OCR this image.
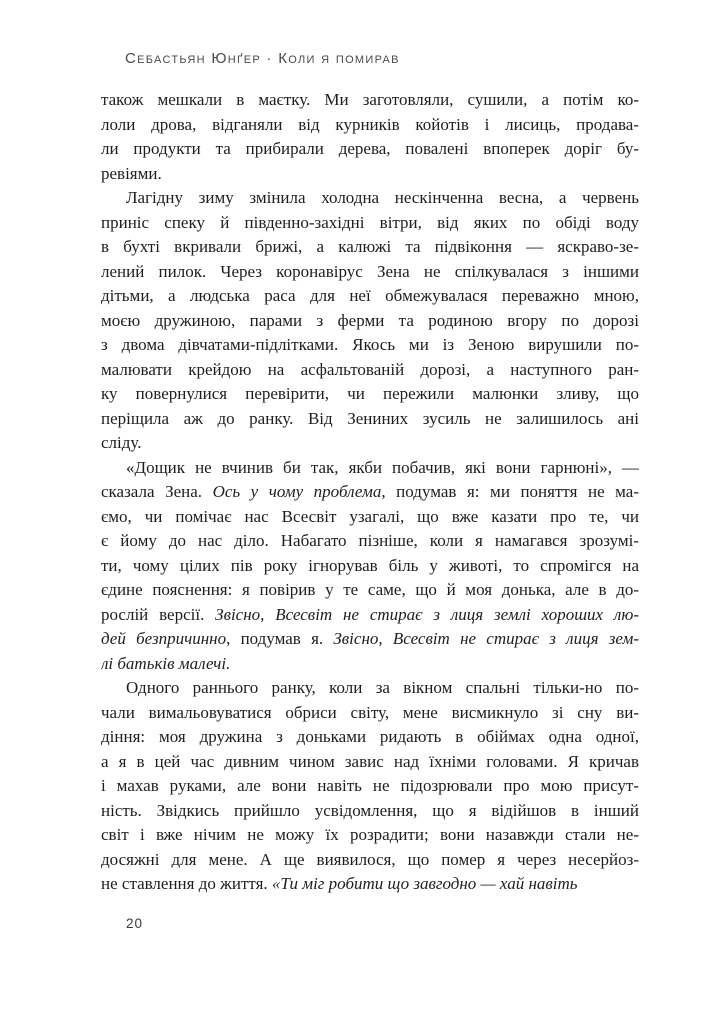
Себастьян Юнґер · Коли я помирав
також мешкали в маєтку. Ми заготовляли, сушили, а потім ко-
лоли дрова, відганяли від курників койотів і лисиць, продава-
ли продукти та прибирали дерева, повалені впоперек доріг бу-
ревіями.
Лагідну зиму змінила холодна нескінченна весна, а червень
приніс спеку й південно-західні вітри, від яких по обіді воду
в бухті вкривали брижі, а калюжі та підвіконня — яскраво-зе-
лений пилок. Через коронавірус Зена не спілкувалася з іншими
дітьми, а людська раса для неї обмежувалася переважно мною,
моєю дружиною, парами з ферми та родиною вгору по дорозі
з двома дівчатами-підлітками. Якось ми із Зеною вирушили по-
малювати крейдою на асфальтованій дорозі, а наступного ран-
ку повернулися перевірити, чи пережили малюнки зливу, що
періщила аж до ранку. Від Зениних зусиль не залишилось ані
сліду.
«Дощик не вчинив би так, якби побачив, які вони гарнюні», —
сказала Зена. Ось у чому проблема, подумав я: ми поняття не ма-
ємо, чи помічає нас Всесвіт узагалі, що вже казати про те, чи
є йому до нас діло. Набагато пізніше, коли я намагався зрозумі-
ти, чому цілих пів року ігнорував біль у животі, то спромігся на
єдине пояснення: я повірив у те саме, що й моя донька, але в до-
рослій версії. Звісно, Всесвіт не стирає з лиця землі хороших лю-
дей безпричинно, подумав я. Звісно, Всесвіт не стирає з лиця зем-
лі батьків малечі.
Одного раннього ранку, коли за вікном спальні тільки-но по-
чали вимальовуватися обриси світу, мене висмикнуло зі сну ви-
діння: моя дружина з доньками ридають в обіймах одна одної,
а я в цей час дивним чином завис над їхніми головами. Я кричав
і махав руками, але вони навіть не підозрювали про мою присут-
ність. Звідкись прийшло усвідомлення, що я відійшов в інший
світ і вже нічим не можу їх розрадити; вони назавжди стали не-
досяжні для мене. А ще виявилося, що помер я через несерйоз-
не ставлення до життя. «Ти міг робити що завгодно — хай навіть
20
